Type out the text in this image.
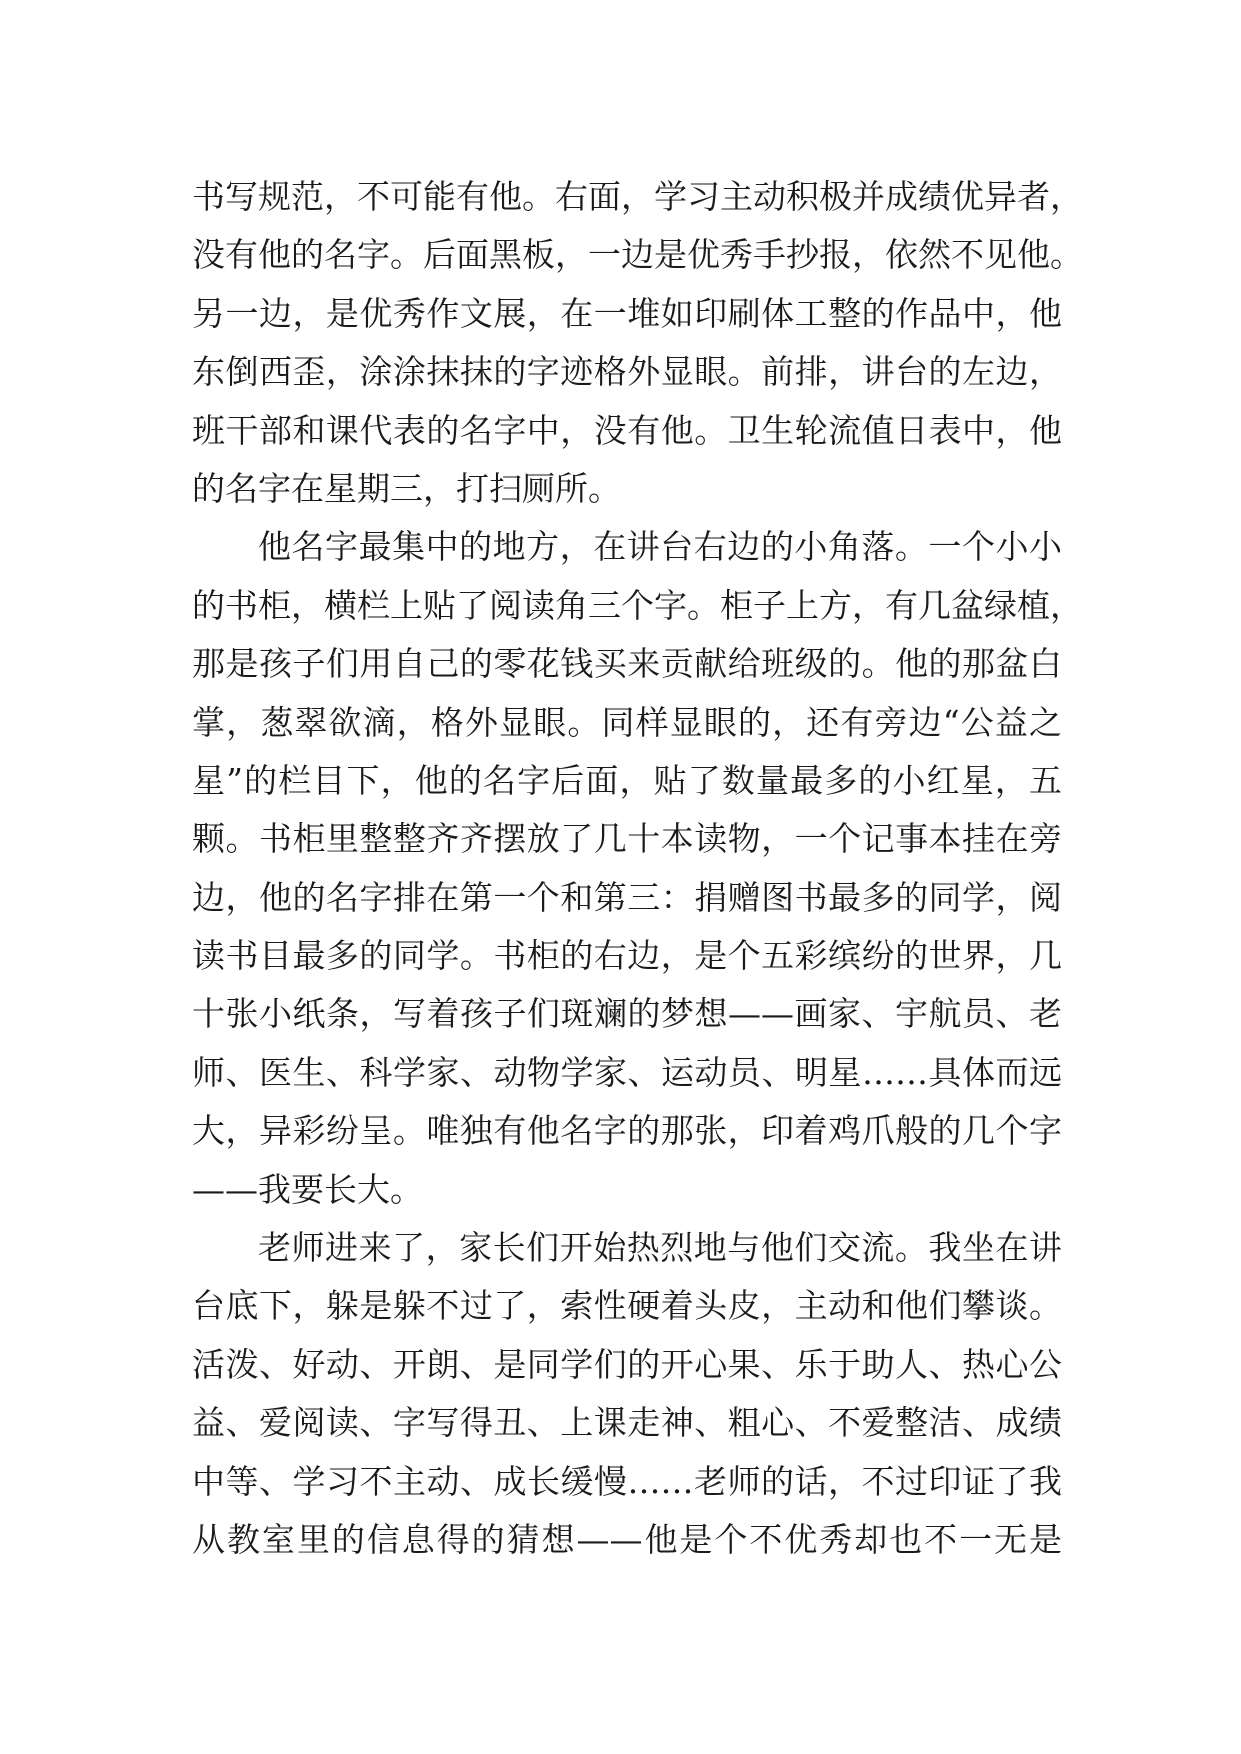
书写规范，不可能有他。右面，学习主动积极并成绩优异者，
没有他的名字。后面黑板，一边是优秀手抄报，依然不见他。
另一边，是优秀作文展，在一堆如印刷体工整的作品中，他
东倒西歪，涂涂抹抹的字迹格外显眼。前排，讲台的左边，
班干部和课代表的名字中，没有他。卫生轮流值日表中，他
的名字在星期三，打扫厕所。
他名字最集中的地方，在讲台右边的小角落。一个小小
的书柜，横栏上贴了阅读角三个字。柜子上方，有几盆绿植，
那是孩子们用自己的零花钱买来贡献给班级的。他的那盆白
掌，葱翠欲滴，格外显眼。同样显眼的，还有旁边“公益之
星”的栏目下，他的名字后面，贴了数量最多的小红星，五
颗。书柜里整整齐齐摆放了几十本读物，一个记事本挂在旁
边，他的名字排在第一个和第三：捐赠图书最多的同学，阅
读书目最多的同学。书柜的右边，是个五彩缤纷的世界，几
十张小纸条，写着孩子们斑斓的梦想——画家、宇航员、老
师、医生、科学家、动物学家、运动员、明星……具体而远
大，异彩纷呈。唯独有他名字的那张，印着鸡爪般的几个字
——我要长大。
老师进来了，家长们开始热烈地与他们交流。我坐在讲
台底下，躲是躲不过了，索性硬着头皮，主动和他们攀谈。
活泼、好动、开朗、是同学们的开心果、乐于助人、热心公
益、爱阅读、字写得丑、上课走神、粗心、不爱整洁、成绩
中等、学习不主动、成长缓慢……老师的话，不过印证了我
从教室里的信息得的猜想——他是个不优秀却也不一无是
